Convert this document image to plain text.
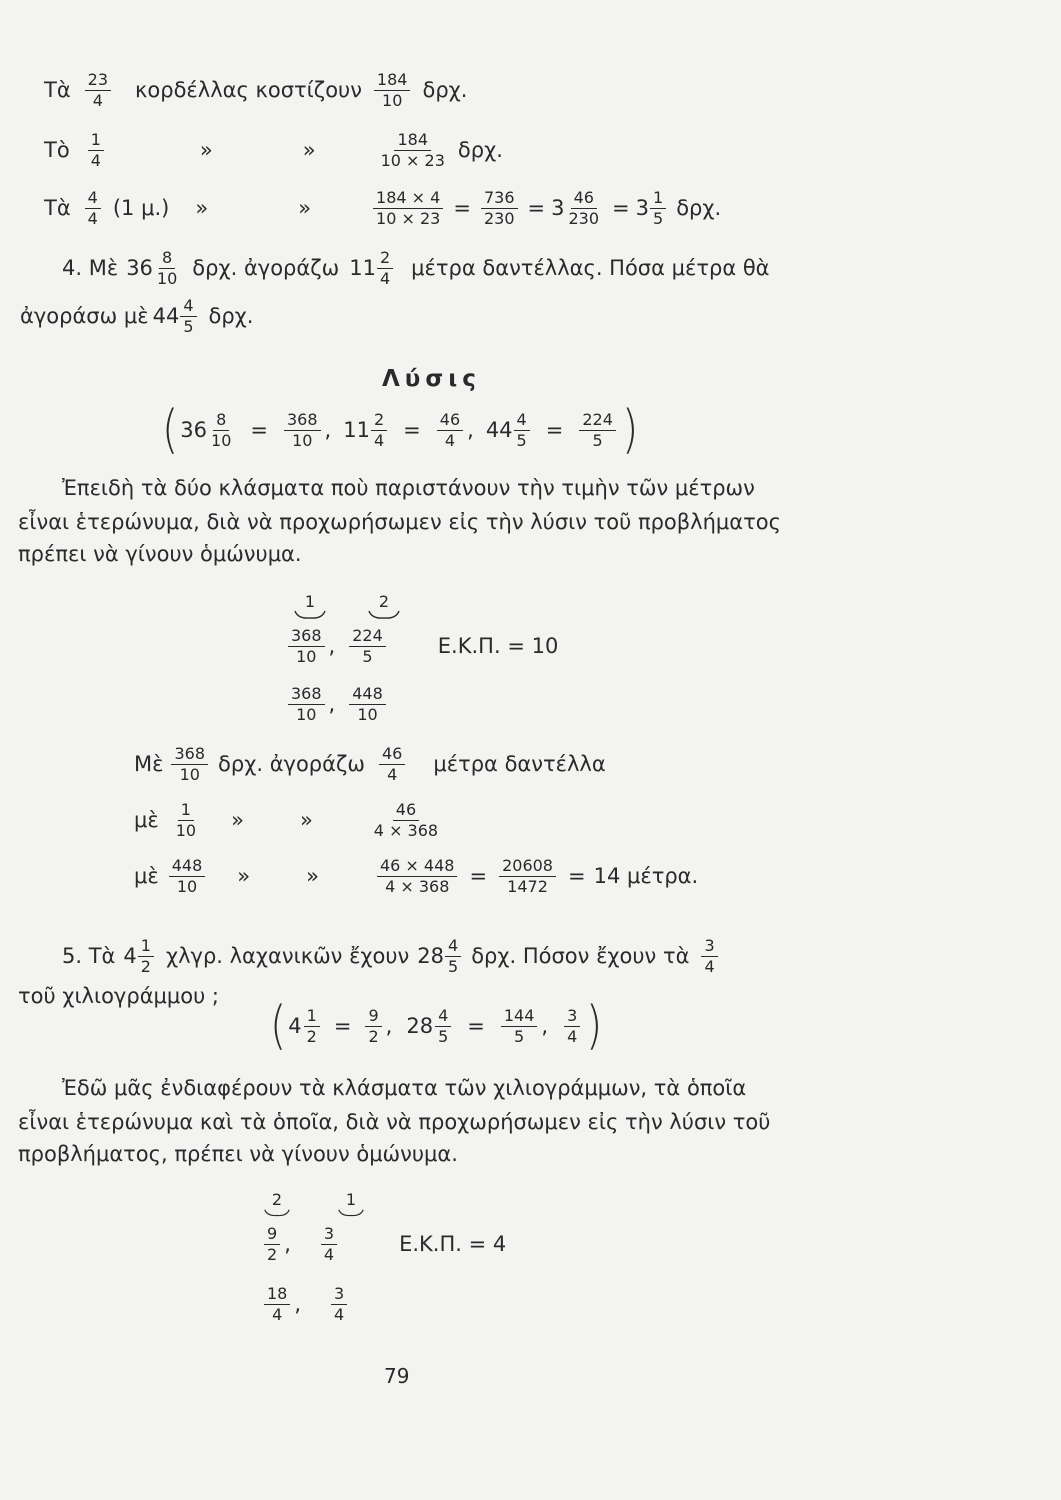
Τὰ $\frac{23}{4}$ κορδέλλας κοστίζουν $\frac{184}{10} \delta\rho\chi$.
Τὸ $\frac{1}{4}$	»	»	$\frac{184}{10 \times 23} \delta\rho\chi$.
Τὰ $\frac{4}{4} (1$ μ.) »	»	$\frac{184 \times 4}{10 \times 23} = \frac{736}{230} = 3 \frac{46}{230} = 3 \frac{1}{5} \delta\rho\chi$.
4. Μὲ $36 \frac{8}{10} \delta\rho\chi$. ἀγοράζω $11 \frac{2}{4}$ μέτρα δαντέλλας. Πόσα μέτρα θὰ
ἀγοράσω μὲ $44 \frac{4}{5} \delta\rho\chi$.
Λύσις
( $36 \frac{8}{10} = \frac{368}{10}$ , $11 \frac{2}{4} = \frac{46}{4}$ , $44 \frac{4}{5} = \frac{224}{5}$ )
Ἐπειδὴ τὰ δύο κλάσματα ποὺ παριστάνουν τὴν τιμὴν τῶν μέτρων
εἶναι ἑτερώνυμα, διὰ νὰ προχωρήσωμεν εἰς τὴν λύσιν τοῦ προβλήματος
πρέπει νὰ γίνουν ὁμώνυμα.
1	2
$\frac{368}{10}$ , $\frac{224}{5} E.K.\Pi$. = 10
$\frac{368}{10}$ , $\frac{448}{10}$
Μὲ $\frac{368}{10} \delta\rho\chi$. ἀγοράζω $\frac{46}{4}$ μέτρα δαντέλλα
μὲ $\frac{1}{10}$ »	»	$\frac{46}{4 \times 368}$
μὲ $\frac{448}{10}$ »	»	$\frac{46 \times 448}{4 \times 368} = \frac{20608}{1472} = 14$ μέτρα.
5. Τὰ $4 \frac{1}{2} \chi\lambda\gamma\rho$. λαχανικῶν ἔχουν $28 \frac{4}{5} \delta\rho\chi$. Πόσον ἔχουν τὰ $\frac{3}{4}$
τοῦ χιλιογράμμου ; ( $4 \frac{1}{2} = \frac{9}{2}$ , $28 \frac{4}{5} = \frac{144}{5}$ , $\frac{3}{4}$ )
Ἐδῶ μᾶς ἐνδιαφέρουν τὰ κλάσματα τῶν χιλιογράμμων, τὰ ὁποῖα
εἶναι ἑτερώνυμα καὶ τὰ ὁποῖα, διὰ νὰ προχωρήσωμεν εἰς τὴν λύσιν τοῦ
προβλήματος, πρέπει νὰ γίνουν ὁμώνυμα.
2	1
$\frac{9}{2}$ , $\frac{3}{4}$	Ε.Κ.Π. = 4
$\frac{18}{4}$ , $\frac{3}{4}$
79
